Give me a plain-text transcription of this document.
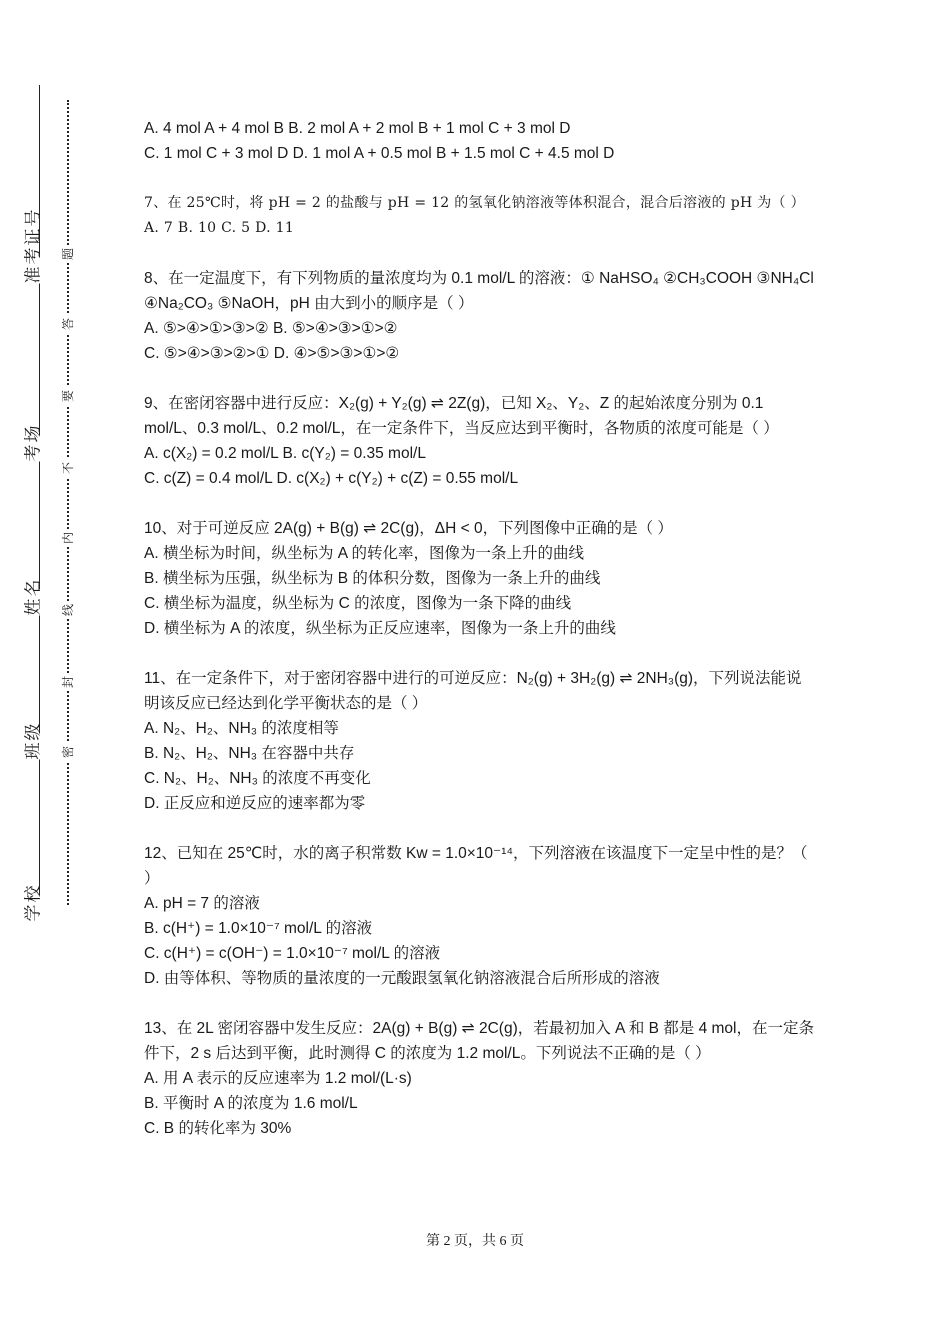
准考证号
考场
姓名
班级
学校
题
答
要
不
内
线
封
密
A. 4 mol A + 4 mol B B. 2 mol A + 2 mol B + 1 mol C + 3 mol D
C. 1 mol C + 3 mol D D. 1 mol A + 0.5 mol B + 1.5 mol C + 4.5 mol D
7、在 25℃时，将 pH = 2 的盐酸与 pH = 12 的氢氧化钠溶液等体积混合，混合后溶液的 pH 为（ ）
A. 7 B. 10 C. 5 D. 11
8、在一定温度下，有下列物质的量浓度均为 0.1 mol/L 的溶液：① NaHSO₄ ②CH₃COOH ③NH₄Cl ④Na₂CO₃ ⑤NaOH，pH 由大到小的顺序是（ ）
A. ⑤>④>①>③>② B. ⑤>④>③>①>②
C. ⑤>④>③>②>① D. ④>⑤>③>①>②
9、在密闭容器中进行反应：X₂(g) + Y₂(g) ⇌ 2Z(g)，已知 X₂、Y₂、Z 的起始浓度分别为 0.1 mol/L、0.3 mol/L、0.2 mol/L，在一定条件下，当反应达到平衡时，各物质的浓度可能是（ ）
A. c(X₂) = 0.2 mol/L B. c(Y₂) = 0.35 mol/L
C. c(Z) = 0.4 mol/L D. c(X₂) + c(Y₂) + c(Z) = 0.55 mol/L
10、对于可逆反应 2A(g) + B(g) ⇌ 2C(g)，ΔH < 0，下列图像中正确的是（ ）
A. 横坐标为时间，纵坐标为 A 的转化率，图像为一条上升的曲线
B. 横坐标为压强，纵坐标为 B 的体积分数，图像为一条上升的曲线
C. 横坐标为温度，纵坐标为 C 的浓度，图像为一条下降的曲线
D. 横坐标为 A 的浓度，纵坐标为正反应速率，图像为一条上升的曲线
11、在一定条件下，对于密闭容器中进行的可逆反应：N₂(g) + 3H₂(g) ⇌ 2NH₃(g)，下列说法能说明该反应已经达到化学平衡状态的是（ ）
A. N₂、H₂、NH₃ 的浓度相等
B. N₂、H₂、NH₃ 在容器中共存
C. N₂、H₂、NH₃ 的浓度不再变化
D. 正反应和逆反应的速率都为零
12、已知在 25℃时，水的离子积常数 Kw = 1.0×10⁻¹⁴，下列溶液在该温度下一定呈中性的是？（ ）
A. pH = 7 的溶液
B. c(H⁺) = 1.0×10⁻⁷ mol/L 的溶液
C. c(H⁺) = c(OH⁻) = 1.0×10⁻⁷ mol/L 的溶液
D. 由等体积、等物质的量浓度的一元酸跟氢氧化钠溶液混合后所形成的溶液
13、在 2L 密闭容器中发生反应：2A(g) + B(g) ⇌ 2C(g)，若最初加入 A 和 B 都是 4 mol，在一定条件下，2 s 后达到平衡，此时测得 C 的浓度为 1.2 mol/L。下列说法不正确的是（ ）
A. 用 A 表示的反应速率为 1.2 mol/(L·s)
B. 平衡时 A 的浓度为 1.6 mol/L
C. B 的转化率为 30%
第 2 页，共 6 页
